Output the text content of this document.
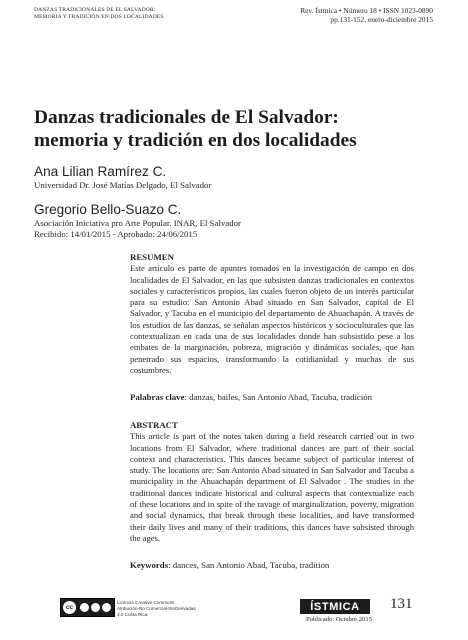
DANZAS TRADICIONALES DE EL SALVADOR:
MEMORIA Y TRADICIÓN EN DOS LOCALIDADES
Rev. Ístmica • Número 18 • ISSN 1023-0890
pp.131-152, enero-diciembre 2015
Danzas tradicionales de El Salvador:
memoria y tradición en dos localidades
Ana Lilian Ramírez C.
Universidad Dr. José Matías Delgado, El Salvador
Gregorio Bello-Suazo C.
Asociación Iniciativa pro Arte Popular. INAR, El Salvador
Recibido: 14/01/2015 - Aprobado: 24/06/2015
RESUMEN
Este artículo es parte de apuntes tomados en la investigación de campo en dos localidades de El Salvador, en las que subsisten danzas tradicionales en contextos sociales y característicos propios, las cuales fueron objeto de un interés particular para su estudio: San Antonio Abad situado en San Salvador, capital de El Salvador, y Tacuba en el municipio del departamento de Ahuachapán. A través de los estudios de las danzas, se señalan aspectos históricos y socioculturales que las contextualizan en cada una de sus localidades donde han subsistido pese a los embates de la marginación, pobreza, migración y dinámicas sociales, que han penetrado sus espacios, transformando la cotidianidad y muchas de sus costumbres.
Palabras clave: danzas, bailes, San Antonio Abad, Tacuba, tradición
ABSTRACT
This article is part of the notes taken during a field research carried out in two locations from El Salvador, where traditional dances are part of their social context and characteristics. This dances became subject of particular interest of study. The locations are: San Antonio Abad situated in San Salvador and Tacuba a municipality in the Ahuachapán department of El Salvador . The studies in the traditional dances indicate historical and cultural aspects that contextualize each of these locations and in spite of the ravage of marginalization, poverty, migration and social dynamics, that break through these localities, and have transformed their daily lives and many of their traditions, this dances have subsisted through the ages.
Keywords: dances, San Antonio Abad, Tacuba, tradition
cc
Licencia Creative Commons
Atribución-No Comercial-SinDerivadas
3.0 Costa Rica.
ÍSTMICA
Publicado: Octubre 2015
131
